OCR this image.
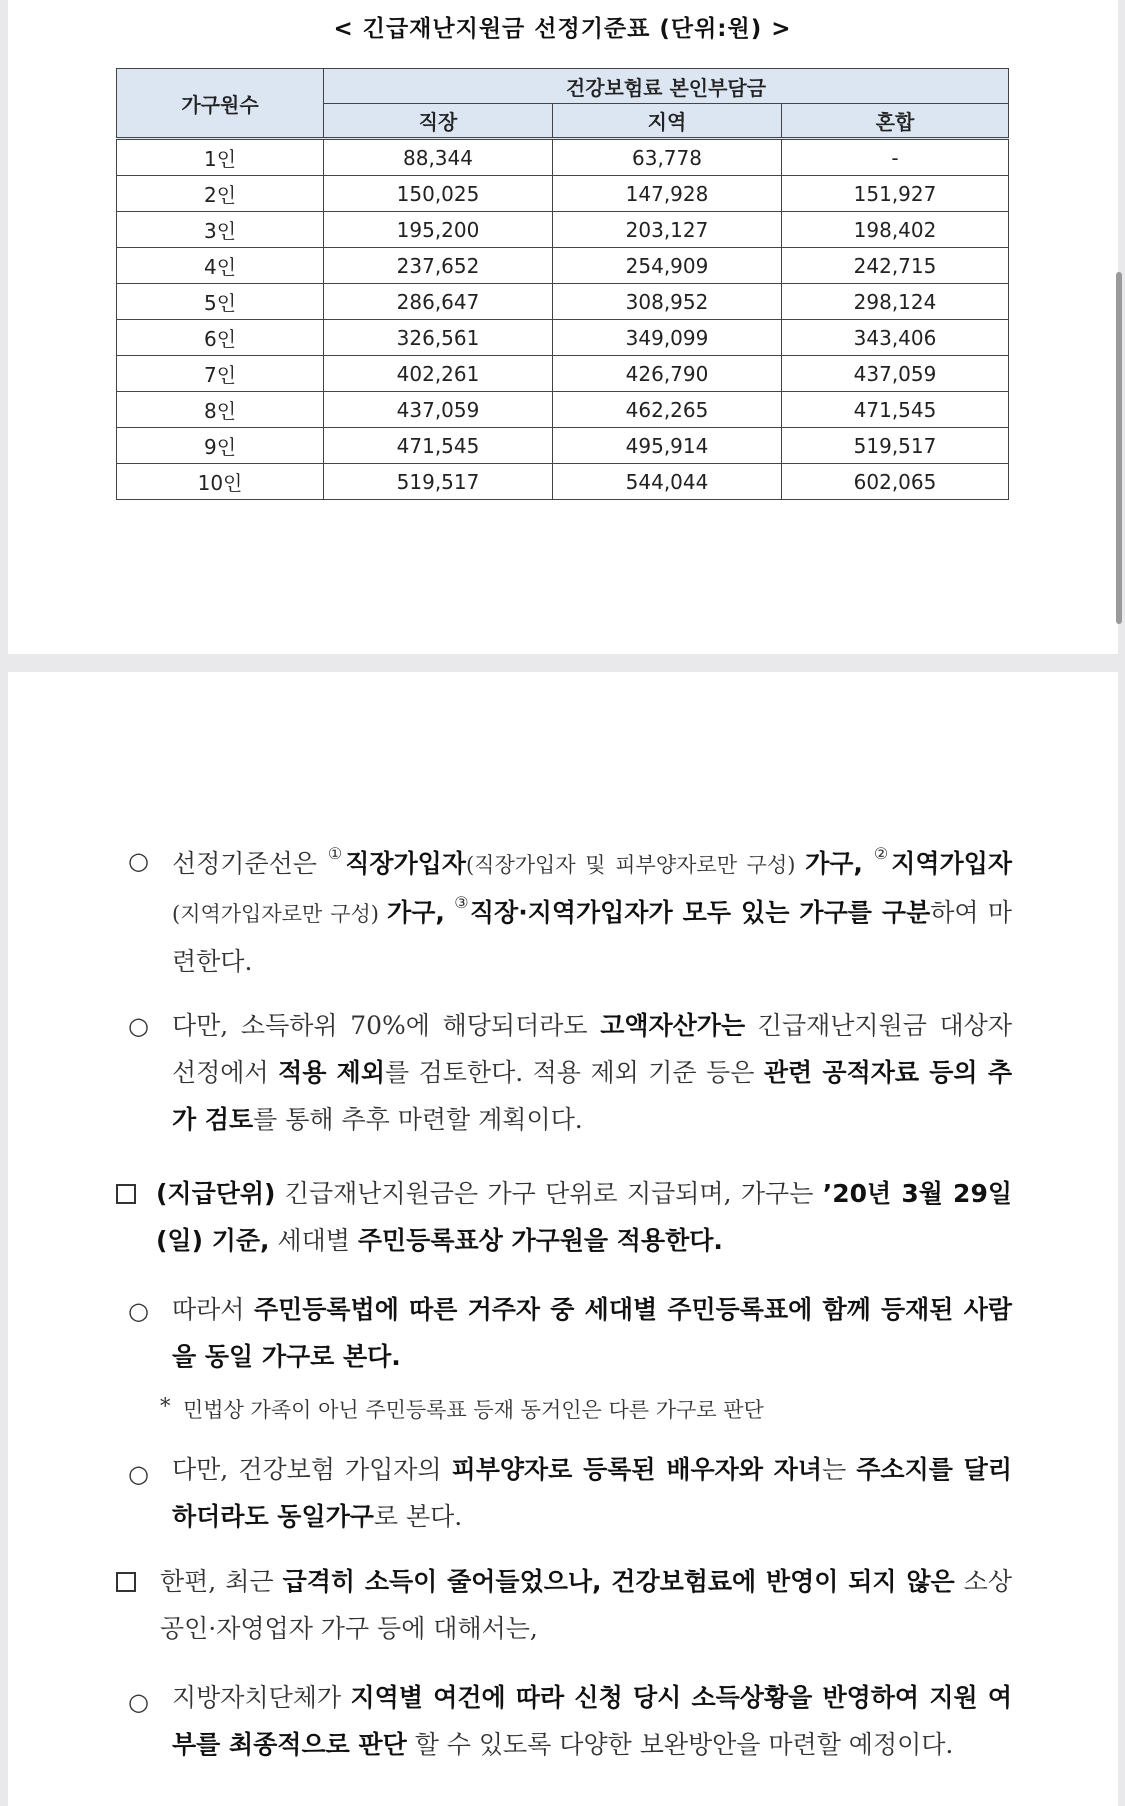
< 긴급재난지원금 선정기준표 (단위:원) >
가구원수	건강보험료 본인부담금		
	직장	지역	혼합
1인	88,344	63,778	-
2인	150,025	147,928	151,927
3인	195,200	203,127	198,402
4인	237,652	254,909	242,715
5인	286,647	308,952	298,124
6인	326,561	349,099	343,406
7인	402,261	426,790	437,059
8인	437,059	462,265	471,545
9인	471,545	495,914	519,517
10인	519,517	544,044	602,065
○ 선정기준선은 ①직장가입자(직장가입자 및 피부양자로만 구성) 가구, ②지역가입자(지역가입자로만 구성) 가구, ③직장·지역가입자가 모두 있는 가구를 구분하여 마련한다.
○ 다만, 소득하위 70%에 해당되더라도 고액자산가는 긴급재난지원금 대상자 선정에서 적용 제외를 검토한다. 적용 제외 기준 등은 관련 공적자료 등의 추가 검토를 통해 추후 마련할 계획이다.
(지급단위) 긴급재난지원금은 가구 단위로 지급되며, 가구는 ’20년 3월 29일(일) 기준, 세대별 주민등록표상 가구원을 적용한다.
○ 따라서 주민등록법에 따른 거주자 중 세대별 주민등록표에 함께 등재된 사람을 동일 가구로 본다.
* 민법상 가족이 아닌 주민등록표 등재 동거인은 다른 가구로 판단
○ 다만, 건강보험 가입자의 피부양자로 등록된 배우자와 자녀는 주소지를 달리하더라도 동일가구로 본다.
한편, 최근 급격히 소득이 줄어들었으나, 건강보험료에 반영이 되지 않은 소상공인·자영업자 가구 등에 대해서는,
○ 지방자치단체가 지역별 여건에 따라 신청 당시 소득상황을 반영하여 지원 여부를 최종적으로 판단 할 수 있도록 다양한 보완방안을 마련할 예정이다.
